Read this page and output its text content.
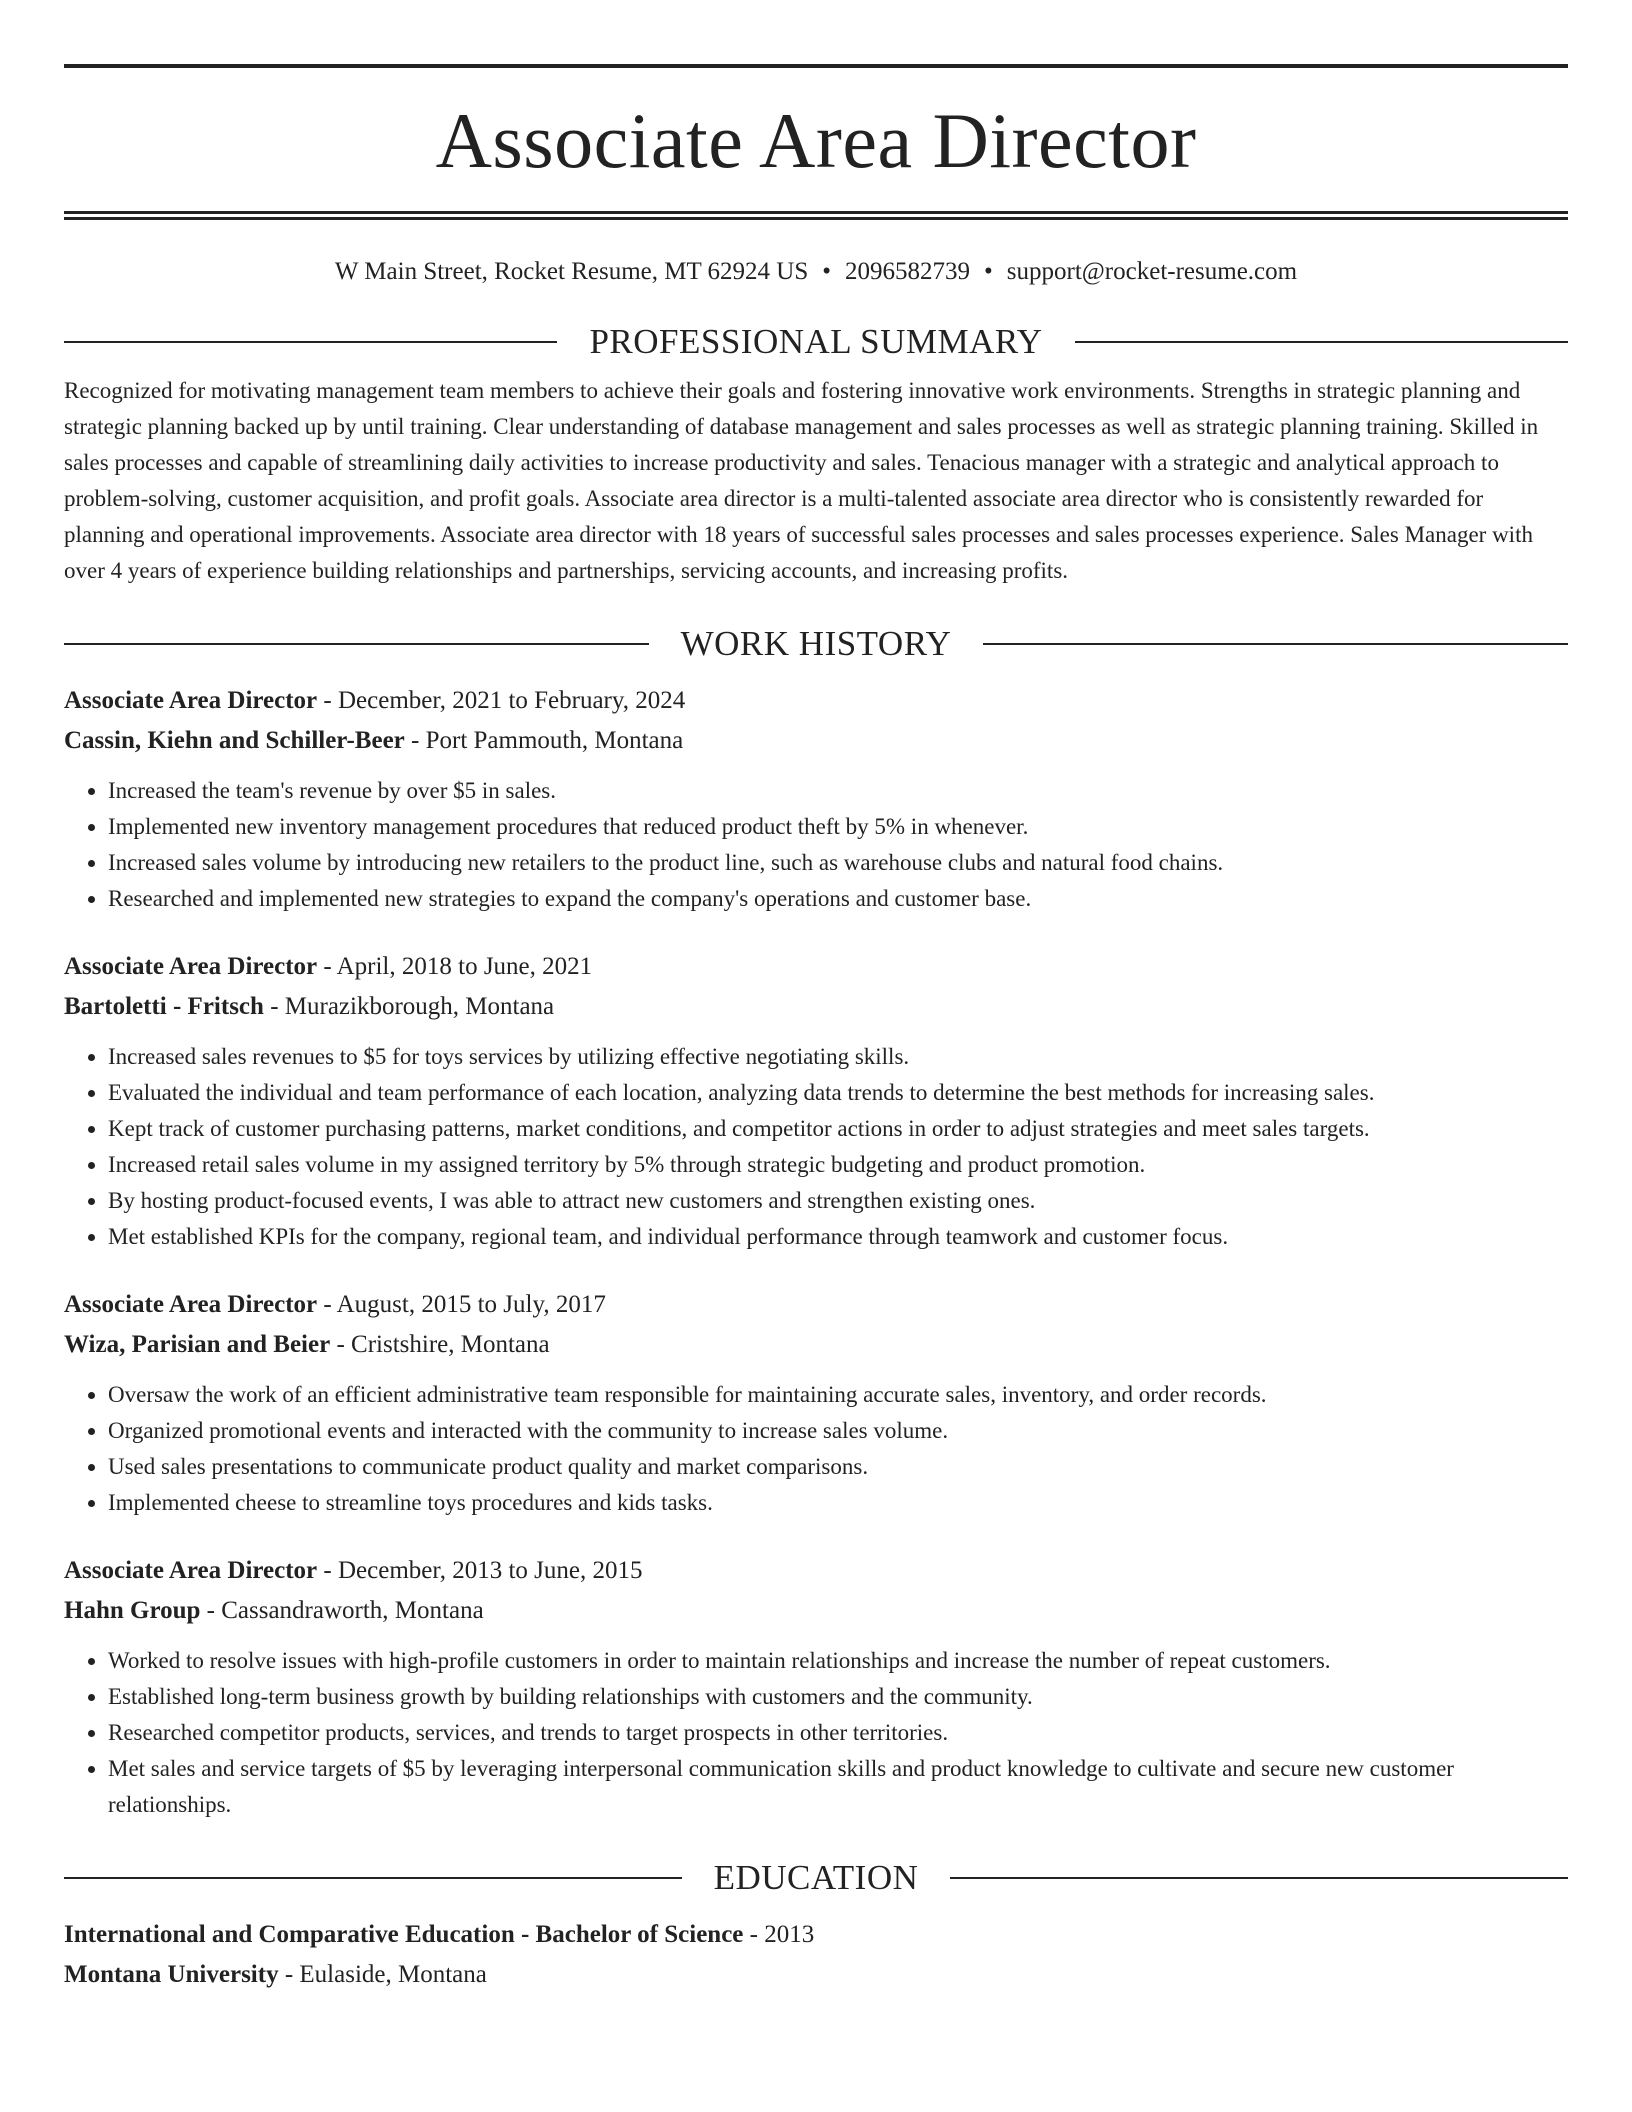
Associate Area Director
W Main Street, Rocket Resume, MT 62924 US • 2096582739 • support@rocket-resume.com
PROFESSIONAL SUMMARY
Recognized for motivating management team members to achieve their goals and fostering innovative work environments. Strengths in strategic planning and strategic planning backed up by until training. Clear understanding of database management and sales processes as well as strategic planning training. Skilled in sales processes and capable of streamlining daily activities to increase productivity and sales. Tenacious manager with a strategic and analytical approach to problem-solving, customer acquisition, and profit goals. Associate area director is a multi-talented associate area director who is consistently rewarded for planning and operational improvements. Associate area director with 18 years of successful sales processes and sales processes experience. Sales Manager with over 4 years of experience building relationships and partnerships, servicing accounts, and increasing profits.
WORK HISTORY
Associate Area Director - December, 2021 to February, 2024
Cassin, Kiehn and Schiller-Beer - Port Pammouth, Montana
• Increased the team's revenue by over $5 in sales.
• Implemented new inventory management procedures that reduced product theft by 5% in whenever.
• Increased sales volume by introducing new retailers to the product line, such as warehouse clubs and natural food chains.
• Researched and implemented new strategies to expand the company's operations and customer base.
Associate Area Director - April, 2018 to June, 2021
Bartoletti - Fritsch - Murazikborough, Montana
• Increased sales revenues to $5 for toys services by utilizing effective negotiating skills.
• Evaluated the individual and team performance of each location, analyzing data trends to determine the best methods for increasing sales.
• Kept track of customer purchasing patterns, market conditions, and competitor actions in order to adjust strategies and meet sales targets.
• Increased retail sales volume in my assigned territory by 5% through strategic budgeting and product promotion.
• By hosting product-focused events, I was able to attract new customers and strengthen existing ones.
• Met established KPIs for the company, regional team, and individual performance through teamwork and customer focus.
Associate Area Director - August, 2015 to July, 2017
Wiza, Parisian and Beier - Cristshire, Montana
• Oversaw the work of an efficient administrative team responsible for maintaining accurate sales, inventory, and order records.
• Organized promotional events and interacted with the community to increase sales volume.
• Used sales presentations to communicate product quality and market comparisons.
• Implemented cheese to streamline toys procedures and kids tasks.
Associate Area Director - December, 2013 to June, 2015
Hahn Group - Cassandraworth, Montana
• Worked to resolve issues with high-profile customers in order to maintain relationships and increase the number of repeat customers.
• Established long-term business growth by building relationships with customers and the community.
• Researched competitor products, services, and trends to target prospects in other territories.
• Met sales and service targets of $5 by leveraging interpersonal communication skills and product knowledge to cultivate and secure new customer relationships.
EDUCATION
International and Comparative Education - Bachelor of Science - 2013
Montana University - Eulaside, Montana
